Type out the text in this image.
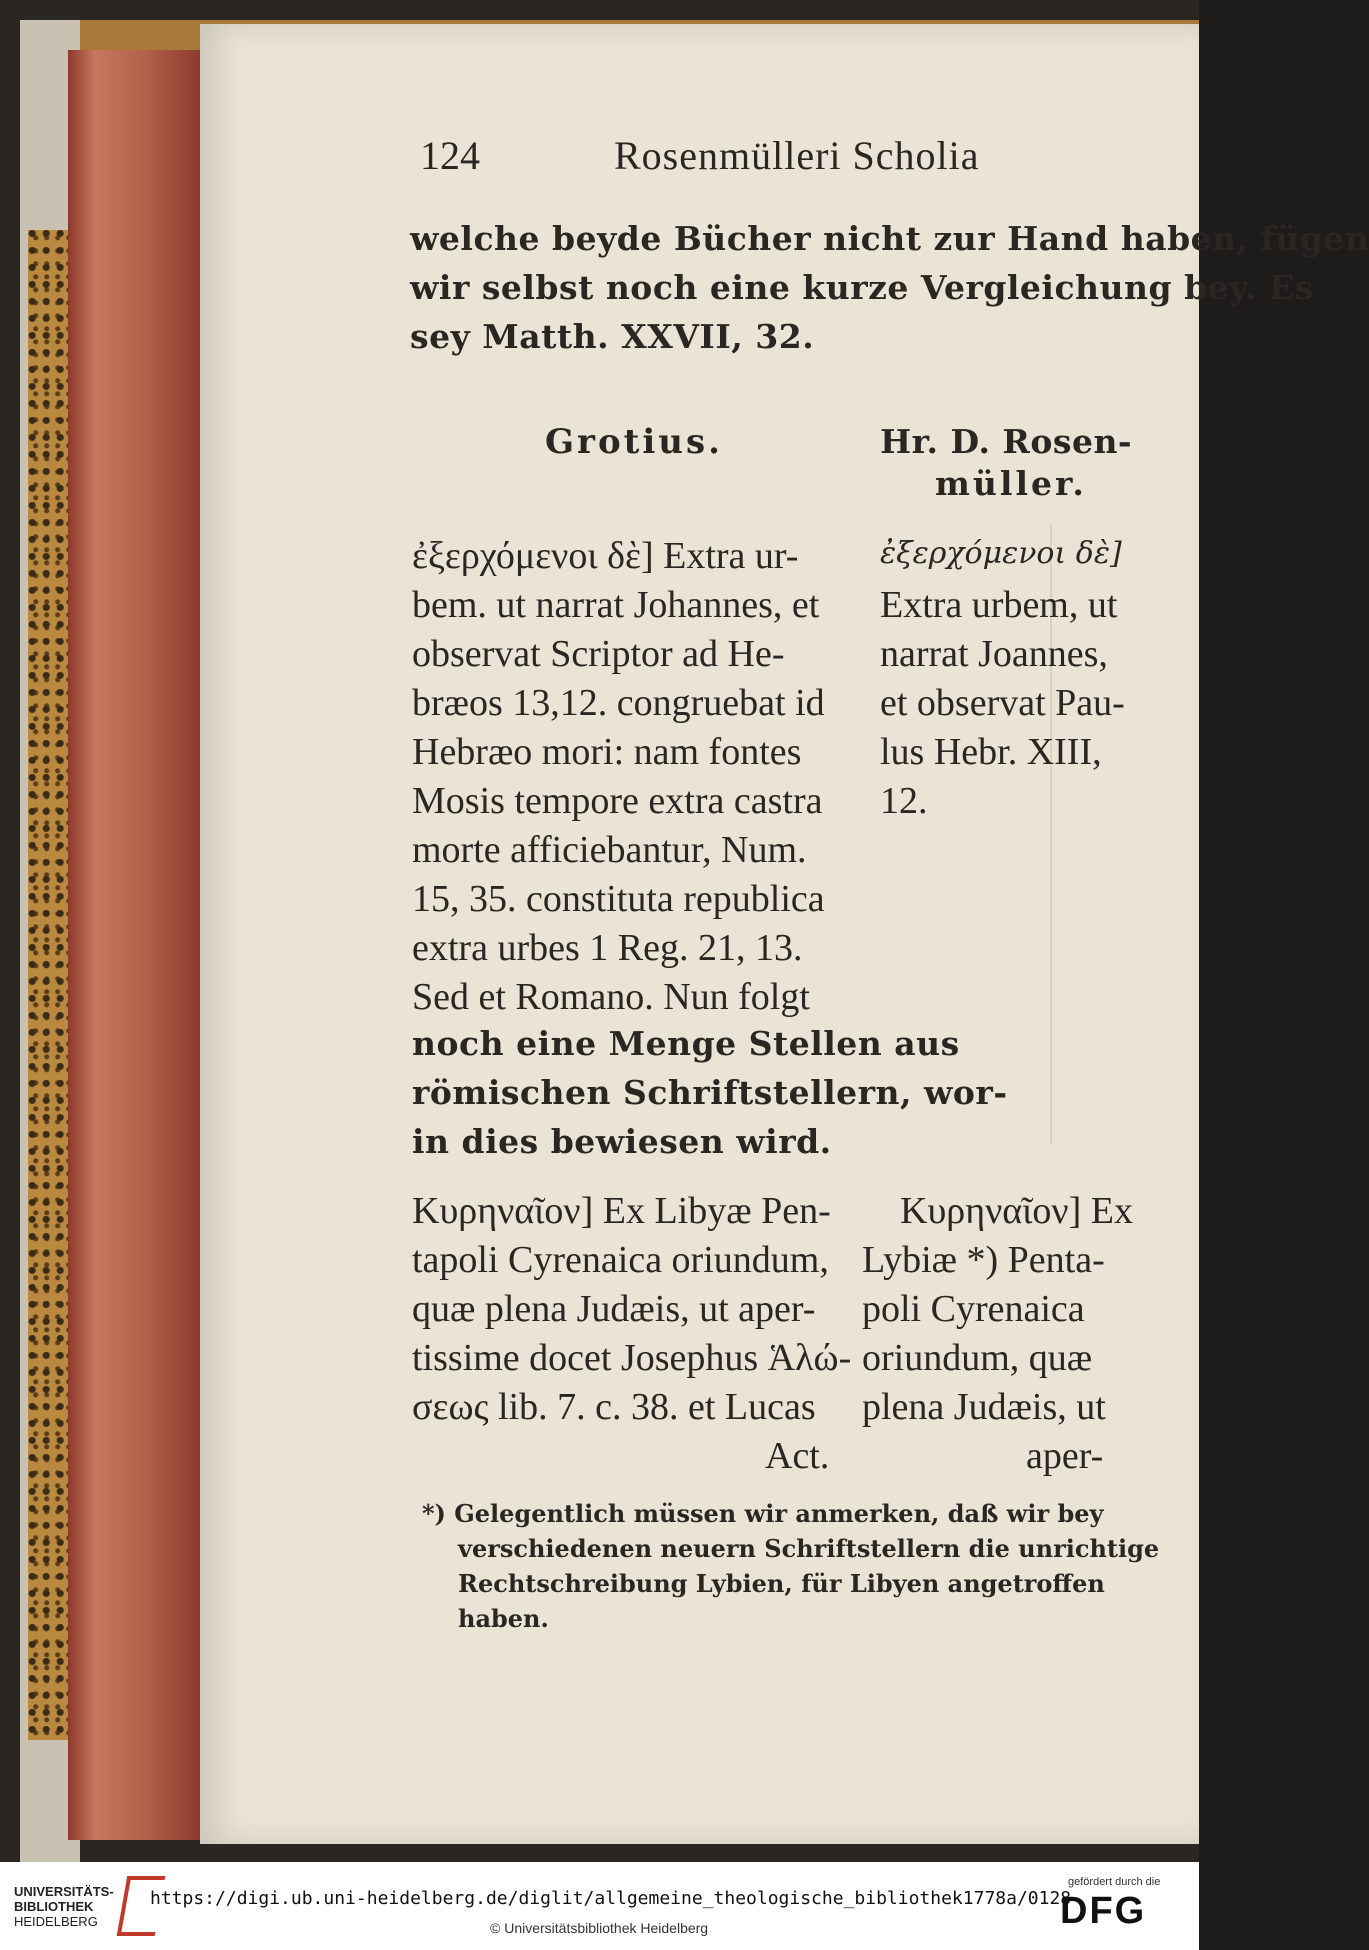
124	Rosenmülleri Scholia
welche beyde Bücher nicht zur Hand haben, fügen
wir selbst noch eine kurze Vergleichung bey. Es
sey Matth. XXVII, 32.
Grotius.	Hr. D. Rosen-
müller.
ἐξερχόμενοι δὲ] Extra ur-
bem. ut narrat Johannes, et
observat Scriptor ad He-
bræos 13,12. congruebat id
Hebræo mori: nam fontes
Mosis tempore extra castra
morte afficiebantur, Num.
15, 35. constituta republica
extra urbes 1 Reg. 21, 13.
Sed et Romano. Nun folgt
noch eine Menge Stellen aus
römischen Schriftstellern, wor-
in dies bewiesen wird.
ἐξερχόμενοι δὲ]
Extra urbem, ut
narrat Joannes,
et observat Pau-
lus Hebr. XIII,
12.
Κυρηναῖον] Ex Libyæ Pen-
tapoli Cyrenaica oriundum,
quæ plena Judæis, ut aper-
tissime docet Josephus Ἁλώ-
σεως lib. 7. c. 38. et Lucas
Act.
Κυρηναῖον] Ex
Lybiæ *) Penta-
poli Cyrenaica
oriundum, quæ
plena Judæis, ut
aper-
*) Gelegentlich müssen wir anmerken, daß wir bey
verschiedenen neuern Schriftstellern die unrichtige
Rechtschreibung Lybien, für Libyen angetroffen
haben.
UNIVERSITÄTS-
BIBLIOTHEK
HEIDELBERG
https://digi.ub.uni-heidelberg.de/diglit/allgemeine_theologische_bibliothek1778a/0128
© Universitätsbibliothek Heidelberg
gefördert durch die
DFG
